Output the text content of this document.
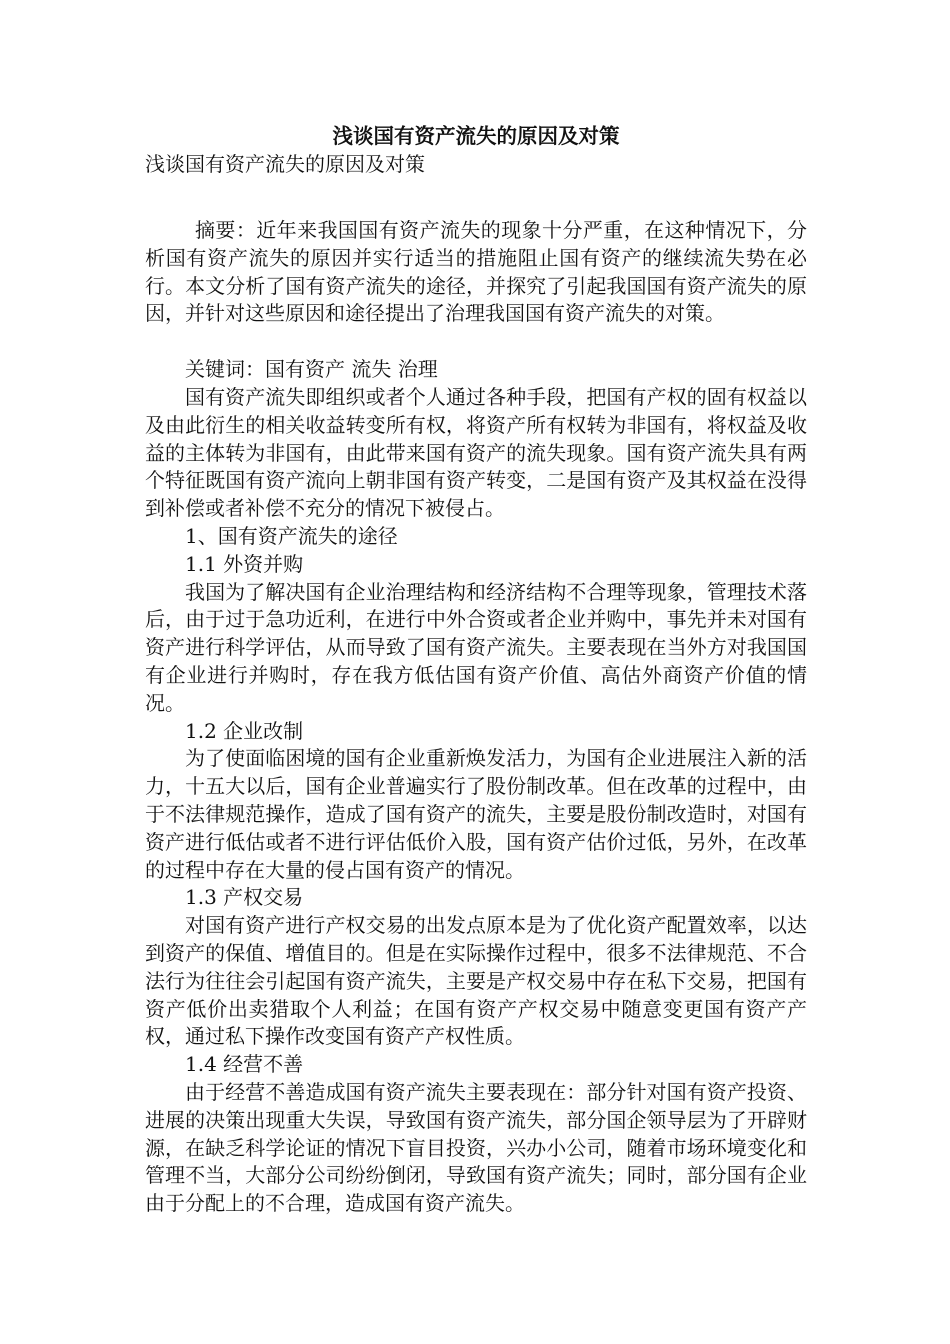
浅谈国有资产流失的原因及对策

浅谈国有资产流失的原因及对策

摘要：近年来我国国有资产流失的现象十分严重，在这种情况下，分析国有资产流失的原因并实行适当的措施阻止国有资产的继续流失势在必行。本文分析了国有资产流失的途径，并探究了引起我国国有资产流失的原因，并针对这些原因和途径提出了治理我国国有资产流失的对策。

关键词：国有资产 流失 治理

国有资产流失即组织或者个人通过各种手段，把国有产权的固有权益以及由此衍生的相关收益转变所有权，将资产所有权转为非国有，将权益及收益的主体转为非国有，由此带来国有资产的流失现象。国有资产流失具有两个特征既国有资产流向上朝非国有资产转变，二是国有资产及其权益在没得到补偿或者补偿不充分的情况下被侵占。

1、国有资产流失的途径

1.1 外资并购

我国为了解决国有企业治理结构和经济结构不合理等现象，管理技术落后，由于过于急功近利，在进行中外合资或者企业并购中，事先并未对国有资产进行科学评估，从而导致了国有资产流失。主要表现在当外方对我国国有企业进行并购时，存在我方低估国有资产价值、高估外商资产价值的情况。

1.2 企业改制

为了使面临困境的国有企业重新焕发活力，为国有企业进展注入新的活力，十五大以后，国有企业普遍实行了股份制改革。但在改革的过程中，由于不法律规范操作，造成了国有资产的流失，主要是股份制改造时，对国有资产进行低估或者不进行评估低价入股，国有资产估价过低，另外，在改革的过程中存在大量的侵占国有资产的情况。

1.3 产权交易

对国有资产进行产权交易的出发点原本是为了优化资产配置效率，以达到资产的保值、增值目的。但是在实际操作过程中，很多不法律规范、不合法行为往往会引起国有资产流失，主要是产权交易中存在私下交易，把国有资产低价出卖猎取个人利益；在国有资产产权交易中随意变更国有资产产权，通过私下操作改变国有资产产权性质。

1.4 经营不善

由于经营不善造成国有资产流失主要表现在：部分针对国有资产投资、进展的决策出现重大失误，导致国有资产流失，部分国企领导层为了开辟财源，在缺乏科学论证的情况下盲目投资，兴办小公司，随着市场环境变化和管理不当，大部分公司纷纷倒闭，导致国有资产流失；同时，部分国有企业由于分配上的不合理，造成国有资产流失。
